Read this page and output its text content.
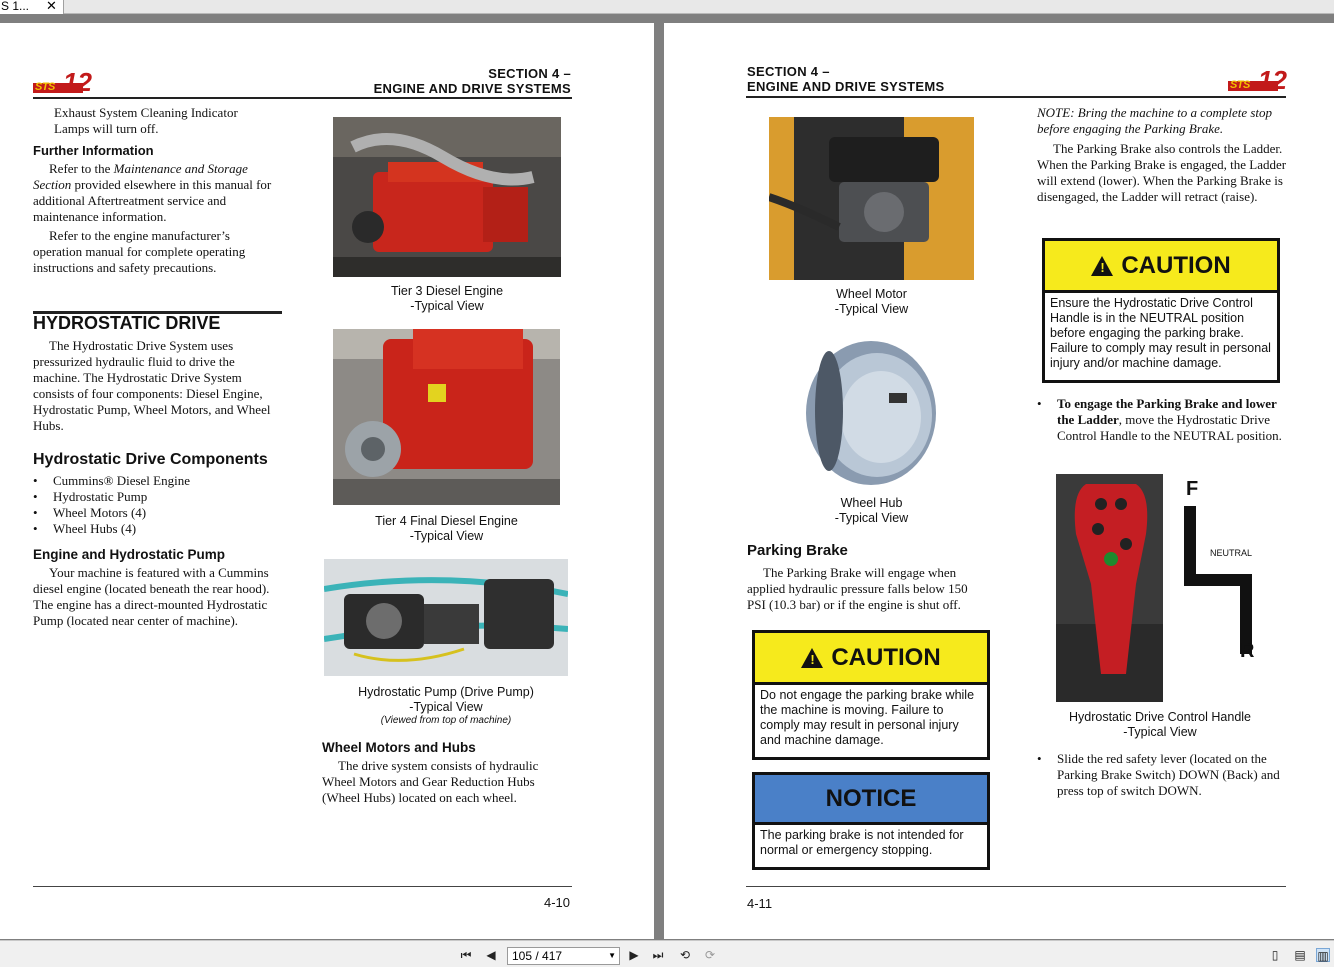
S 1... ✕
STS 12	SECTION 4 –
ENGINE AND DRIVE SYSTEMS
Exhaust System Cleaning Indicator Lamps will turn off.
Further Information
Refer to the Maintenance and Storage Section provided elsewhere in this manual for additional Aftertreatment service and maintenance information.
Refer to the engine manufacturer’s operation manual for complete operating instructions and safety precautions.
HYDROSTATIC DRIVE
The Hydrostatic Drive System uses pressurized hydraulic fluid to drive the machine. The Hydrostatic Drive System consists of four components: Diesel Engine, Hydrostatic Pump, Wheel Motors, and Wheel Hubs.
Hydrostatic Drive Components
• Cummins® Diesel Engine
• Hydrostatic Pump
• Wheel Motors (4)
• Wheel Hubs (4)
Engine and Hydrostatic Pump
Your machine is featured with a Cummins diesel engine (located beneath the rear hood). The engine has a direct-mounted Hydrostatic Pump (located near center of machine).
Tier 3 Diesel Engine
-Typical View
Tier 4 Final Diesel Engine
-Typical View
Hydrostatic Pump (Drive Pump)
-Typical View
(Viewed from top of machine)
Wheel Motors and Hubs
The drive system consists of hydraulic Wheel Motors and Gear Reduction Hubs (Wheel Hubs) located on each wheel.
4-10
SECTION 4 –
ENGINE AND DRIVE SYSTEMS	STS 12
Wheel Motor
-Typical View
Wheel Hub
-Typical View
Parking Brake
The Parking Brake will engage when applied hydraulic pressure falls below 150 PSI (10.3 bar) or if the engine is shut off.
!
CAUTION
Do not engage the parking brake while the machine is moving. Failure to comply may result in personal injury and machine damage.
NOTICE
The parking brake is not intended for normal or emergency stopping.
NOTE: Bring the machine to a complete stop before engaging the Parking Brake.
The Parking Brake also controls the Ladder. When the Parking Brake is engaged, the Ladder will extend (lower). When the Parking Brake is disengaged, the Ladder will retract (raise).
!
CAUTION
Ensure the Hydrostatic Drive Control Handle is in the NEUTRAL position before engaging the parking brake. Failure to comply may result in personal injury and/or machine damage.
• To engage the Parking Brake and lower the Ladder, move the Hydrostatic Drive Control Handle to the NEUTRAL position.
F
NEUTRAL
R
Hydrostatic Drive Control Handle
-Typical View
• Slide the red safety lever (located on the Parking Brake Switch) DOWN (Back) and press top of switch DOWN.
4-11
⏮ ◀	105 / 417	▼ ▶ ⏭ ⟲ ⟳	▯	▤ ▥
